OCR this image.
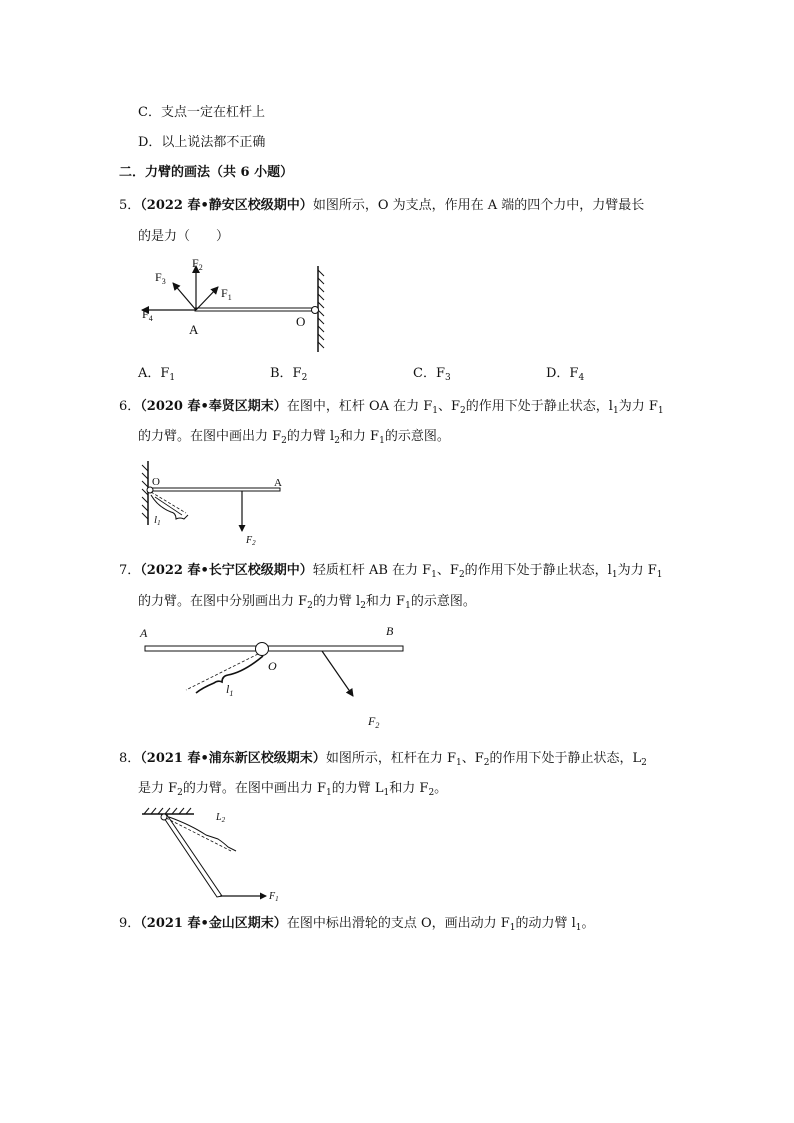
C．支点一定在杠杆上
D．以上说法都不正确
二．力臂的画法（共 6 小题）
5．（2022 春•静安区校级期中）如图所示，O 为支点，作用在 A 端的四个力中，力臂最长
的是力（　　）
$F_2$
$F_3$
$F_1$
$F_4$
A
O
A．$F_1$	B．$F_2$	C．$F_3$	D．$F_4$
6．（2020 春•奉贤区期末）在图中，杠杆 OA 在力 $F_1$、$F_2$的作用下处于静止状态，$l_1$为力 $F_1$
的力臂。在图中画出力 $F_2$的力臂 $l_2$和力 $F_1$的示意图。
O	A
l1
$F_2$
7．（2022 春•长宁区校级期中）轻质杠杆 AB 在力 $F_1$、$F_2$的作用下处于静止状态，$l_1$为力 $F_1$
的力臂。在图中分别画出力 $F_2$的力臂 $l_2$和力 $F_1$的示意图。
A	B
O
$l_1$
$F_2$
8．（2021 春•浦东新区校级期末）如图所示，杠杆在力 $F_1$、$F_2$的作用下处于静止状态，$L_2$
是力 $F_2$的力臂。在图中画出力 $F_1$的力臂 $L_1$和力 $F_2$。
$L_2$
$F_1$
9．（2021 春•金山区期末）在图中标出滑轮的支点 O，画出动力 $F_1$的动力臂 $l_1$。
